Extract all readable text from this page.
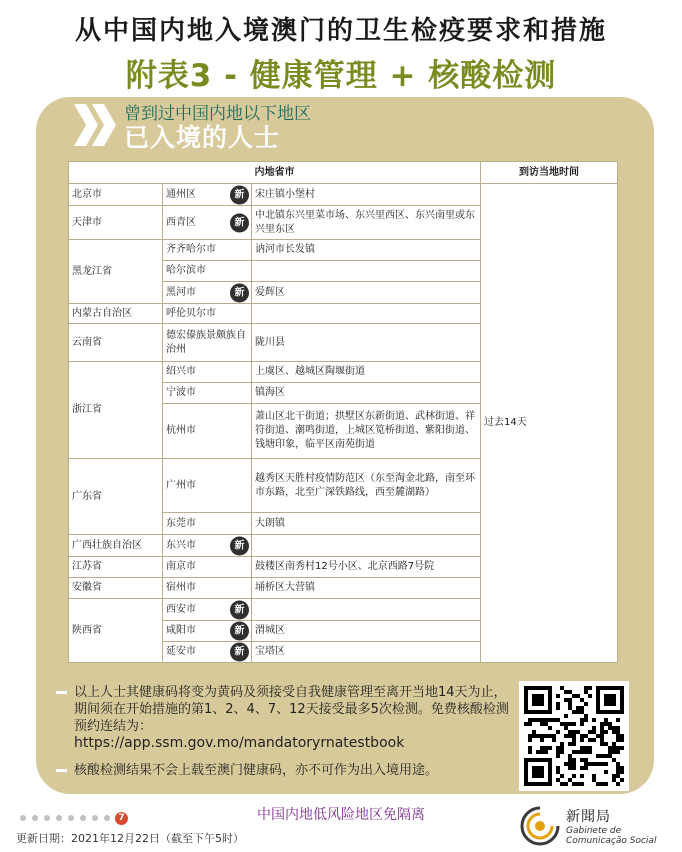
从中国内地入境澳门的卫生检疫要求和措施
附表3 - 健康管理 + 核酸检测
曾到过中国内地以下地区
已入境的人士
内地省市			到访当地时间
北京市	通州区 新	宋庄镇小堡村	过去14天
天津市	西青区 新	中北镇东兴里菜市场、东兴里西区、东兴南里或东兴里东区	
黑龙江省	齐齐哈尔市	讷河市长发镇	
	哈尔滨市		
	黑河市 新	爱辉区	
内蒙古自治区	呼伦贝尔市		
云南省	德宏傣族景颇族自治州	陇川县	
浙江省	绍兴市	上虞区、越城区陶堰街道	
	宁波市	镇海区	
	杭州市	萧山区北干街道；拱墅区东新街道、武林街道、祥符街道、潮鸣街道，上城区笕桥街道、紫阳街道、钱塘印象，临平区南苑街道	
广东省	广州市	越秀区天胜村疫情防范区（东至淘金北路，南至环市东路，北至广深铁路线，西至麓湖路）	
	东莞市	大朗镇	
广西壮族自治区	东兴市 新		

江苏省	南京市	鼓楼区南秀村12号小区、北京西路7号院	
安徽省	宿州市	埇桥区大营镇	
陕西省	西安市 新		

	咸阳市 新	渭城区	
	延安市 新	宝塔区	
以上人士其健康码将变为黄码及须接受自我健康管理至离开当地14天为止，期间须在开始措施的第1、2、4、7、12天接受最多5次检测。免费核酸检测预约连结为：
https://app.ssm.gov.mo/mandatoryrnatestbook
核酸检测结果不会上载至澳门健康码，亦不可作为出入境用途。
7	中国内地低风险地区免隔离
更新日期：2021年12月22日（截至下午5时）
新聞局
Gabinete de
Comunicação Social
